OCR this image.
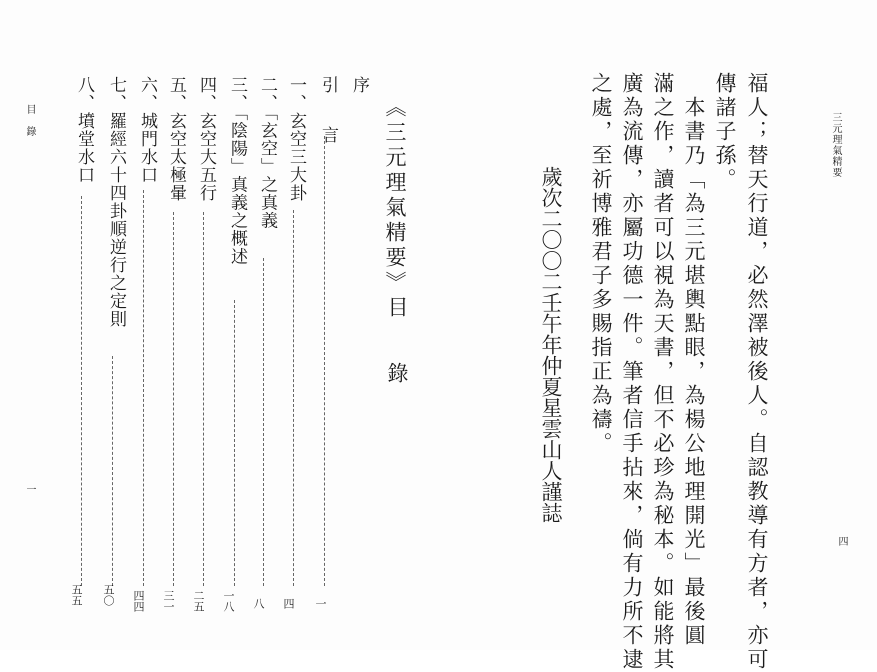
三元理氣精要
四
福人；替天行道，必然澤被後人。自認教導有方者，亦可
傳諸子孫。
　本書乃「為三元堪輿點眼，為楊公地理開光」最後圓
滿之作，讀者可以視為天書，但不必珍為秘本。如能將其
廣為流傳，亦屬功德一件。筆者信手拈來，倘有力所不逮
之處，至祈博雅君子多賜指正為禱。
歲次二〇〇二壬午年仲夏星雲山人謹誌
目錄
一
《三元理氣精要》
目
錄
序
引　言
一
一、玄空三大卦
四
二、「玄空」之真義
八
三、「陰陽」真義之概述
一八
四、玄空大五行
二五
五、玄空太極暈
三一
六、城門水口
四四
七、羅經六十四卦順逆行之定則
五〇
八、墳堂水口
五五
